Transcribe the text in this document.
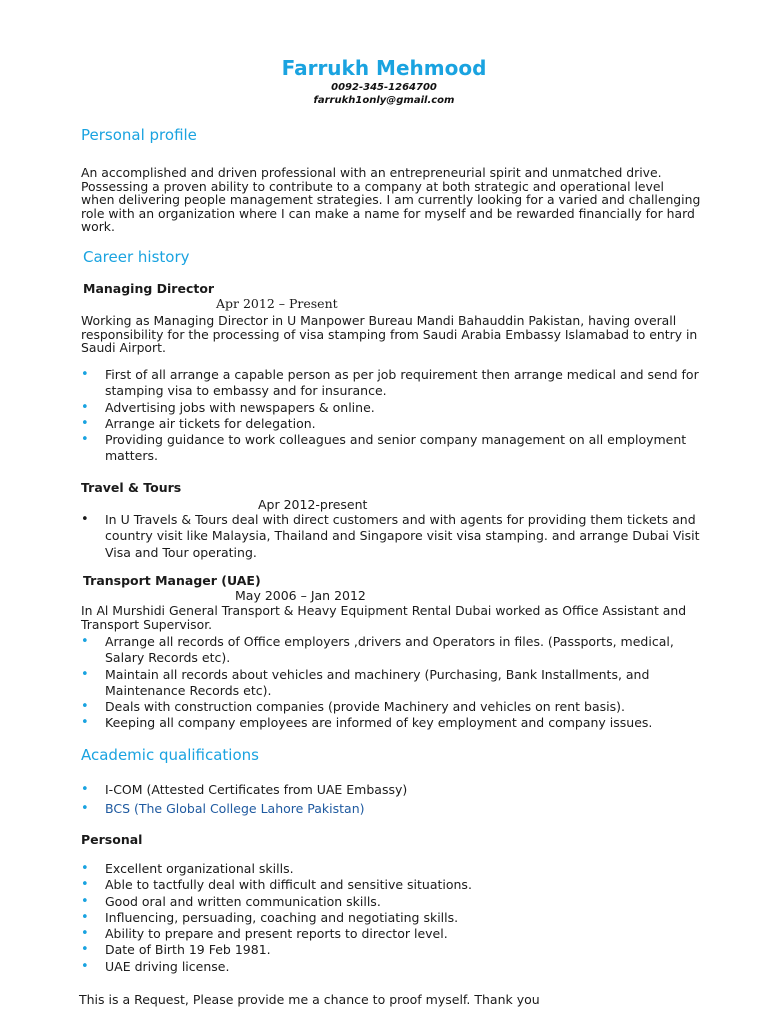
Farrukh Mehmood
0092-345-1264700
farrukh1only@gmail.com
Personal profile
An accomplished and driven professional with an entrepreneurial spirit and unmatched drive. Possessing a proven ability to contribute to a company at both strategic and operational level when delivering people management strategies. I am currently looking for a varied and challenging role with an organization where I can make a name for myself and be rewarded financially for hard work.
Career history
Managing Director
Apr 2012 – Present
Working as Managing Director in U Manpower Bureau Mandi Bahauddin Pakistan, having overall responsibility for the processing of visa stamping from Saudi Arabia Embassy Islamabad to entry in Saudi Airport.
• First of all arrange a capable person as per job requirement then arrange medical and send for stamping visa to embassy and for insurance.
• Advertising jobs with newspapers & online.
• Arrange air tickets for delegation.
• Providing guidance to work colleagues and senior company management on all employment matters.
Travel & Tours
Apr 2012-present
• In U Travels & Tours deal with direct customers and with agents for providing them tickets and country visit like Malaysia, Thailand and Singapore visit visa stamping. and arrange Dubai Visit Visa and Tour operating.
Transport Manager (UAE)
May 2006 – Jan 2012
In Al Murshidi General Transport & Heavy Equipment Rental Dubai worked as Office Assistant and Transport Supervisor.
• Arrange all records of Office employers ,drivers and Operators in files. (Passports, medical, Salary Records etc).
• Maintain all records about vehicles and machinery (Purchasing, Bank Installments, and Maintenance Records etc).
• Deals with construction companies (provide Machinery and vehicles on rent basis).
• Keeping all company employees are informed of key employment and company issues.
Academic qualifications
• I-COM (Attested Certificates from UAE Embassy)
• BCS (The Global College Lahore Pakistan)
Personal
• Excellent organizational skills.
• Able to tactfully deal with difficult and sensitive situations.
• Good oral and written communication skills.
• Influencing, persuading, coaching and negotiating skills.
• Ability to prepare and present reports to director level.
• Date of Birth 19 Feb 1981.
• UAE driving license.
This is a Request, Please provide me a chance to proof myself. Thank you
